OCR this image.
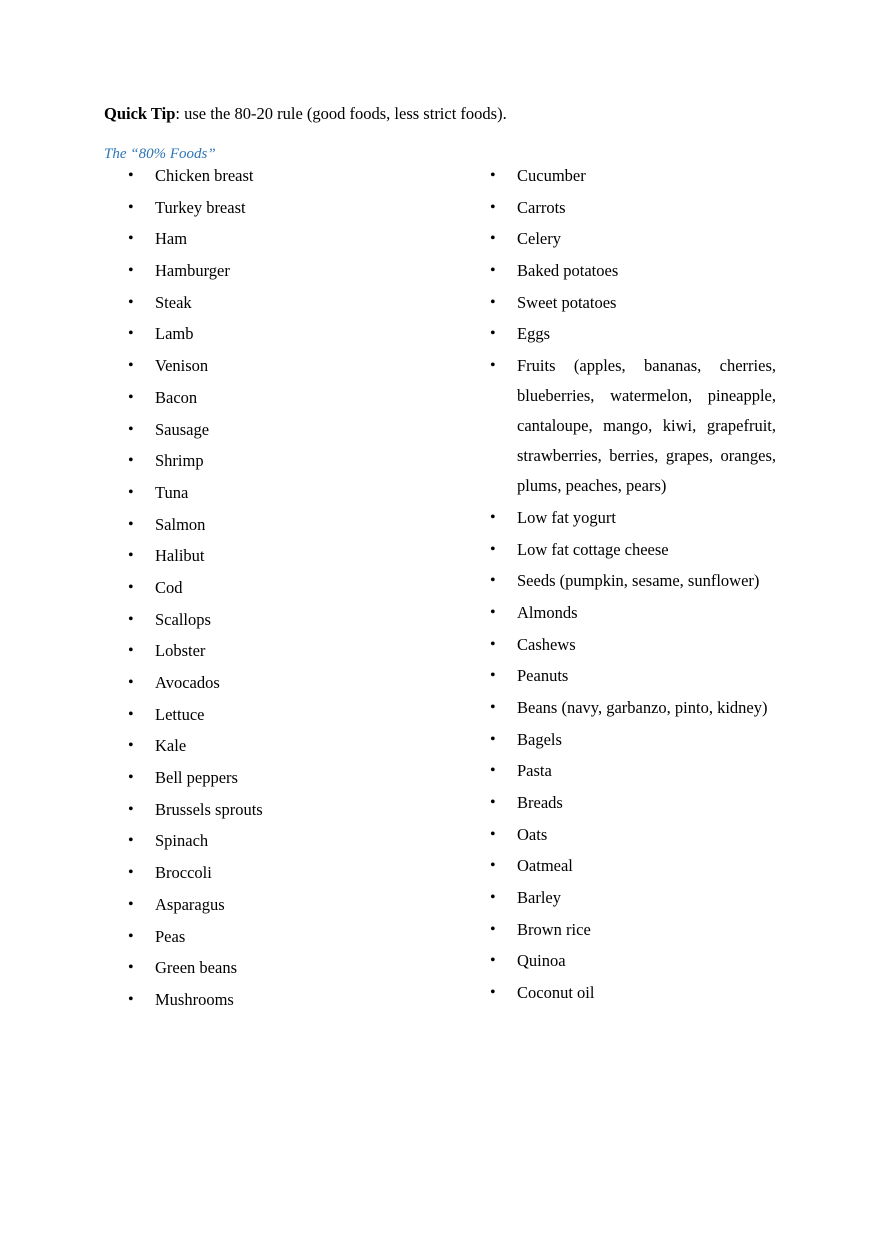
Quick Tip: use the 80-20 rule (good foods, less strict foods).
The “80% Foods”
• Chicken breast
• Turkey breast
• Ham
• Hamburger
• Steak
• Lamb
• Venison
• Bacon
• Sausage
• Shrimp
• Tuna
• Salmon
• Halibut
• Cod
• Scallops
• Lobster
• Avocados
• Lettuce
• Kale
• Bell peppers
• Brussels sprouts
• Spinach
• Broccoli
• Asparagus
• Peas
• Green beans
• Mushrooms
• Cucumber
• Carrots
• Celery
• Baked potatoes
• Sweet potatoes
• Eggs
• Fruits (apples, bananas, cherries, blueberries, watermelon, pineapple, cantaloupe, mango, kiwi, grapefruit, strawberries, berries, grapes, oranges, plums, peaches, pears)
• Low fat yogurt
• Low fat cottage cheese
• Seeds (pumpkin, sesame, sunflower)
• Almonds
• Cashews
• Peanuts
• Beans (navy, garbanzo, pinto, kidney)
• Bagels
• Pasta
• Breads
• Oats
• Oatmeal
• Barley
• Brown rice
• Quinoa
• Coconut oil
